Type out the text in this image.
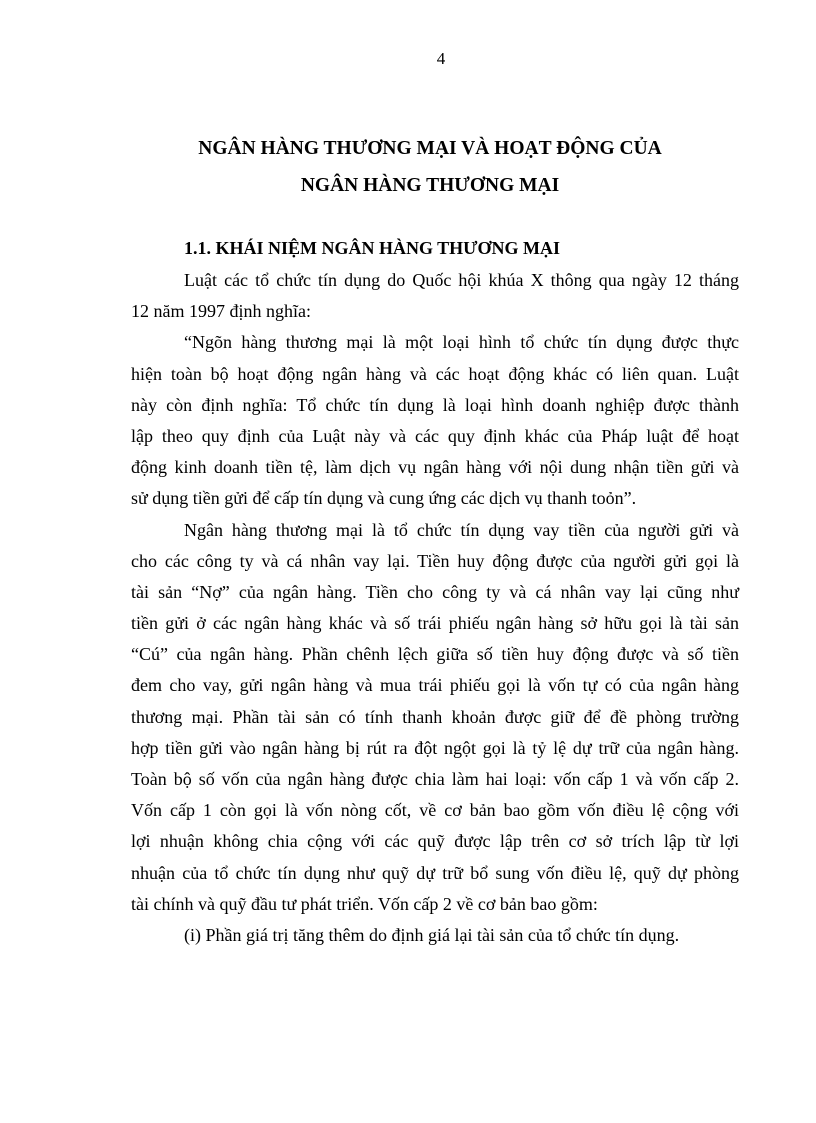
4
NGÂN HÀNG THƯƠNG MẠI VÀ HOẠT ĐỘNG CỦA
NGÂN HÀNG THƯƠNG MẠI
1.1. KHÁI NIỆM NGÂN HÀNG THƯƠNG MẠI
Luật các tổ chức tín dụng do Quốc hội khúa X thông qua ngày 12 tháng
12 năm 1997 định nghĩa:
“Ngõn hàng thương mại là một loại hình tổ chức tín dụng được thực
hiện toàn bộ hoạt động ngân hàng và các hoạt động khác có liên quan. Luật
này còn định nghĩa: Tổ chức tín dụng là loại hình doanh nghiệp được thành
lập theo quy định của Luật này và các quy định khác của Pháp luật để hoạt
động kinh doanh tiền tệ, làm dịch vụ ngân hàng với nội dung nhận tiền gửi và
sử dụng tiền gửi để cấp tín dụng và cung ứng các dịch vụ thanh toỏn”.
Ngân hàng thương mại là tổ chức tín dụng vay tiền của người gửi và
cho các công ty và cá nhân vay lại. Tiền huy động được của người gửi gọi là
tài sản “Nợ” của ngân hàng. Tiền cho công ty và cá nhân vay lại cũng như
tiền gửi ở các ngân hàng khác và số trái phiếu ngân hàng sở hữu gọi là tài sản
“Cú” của ngân hàng. Phần chênh lệch giữa số tiền huy động được và số tiền
đem cho vay, gửi ngân hàng và mua trái phiếu gọi là vốn tự có của ngân hàng
thương mại. Phần tài sản có tính thanh khoản được giữ để đề phòng trường
hợp tiền gửi vào ngân hàng bị rút ra đột ngột gọi là tỷ lệ dự trữ của ngân hàng.
Toàn bộ số vốn của ngân hàng được chia làm hai loại: vốn cấp 1 và vốn cấp 2.
Vốn cấp 1 còn gọi là vốn nòng cốt, về cơ bản bao gồm vốn điều lệ cộng với
lợi nhuận không chia cộng với các quỹ được lập trên cơ sở trích lập từ lợi
nhuận của tổ chức tín dụng như quỹ dự trữ bổ sung vốn điều lệ, quỹ dự phòng
tài chính và quỹ đầu tư phát triển. Vốn cấp 2 về cơ bản bao gồm:
(i) Phần giá trị tăng thêm do định giá lại tài sản của tổ chức tín dụng.
